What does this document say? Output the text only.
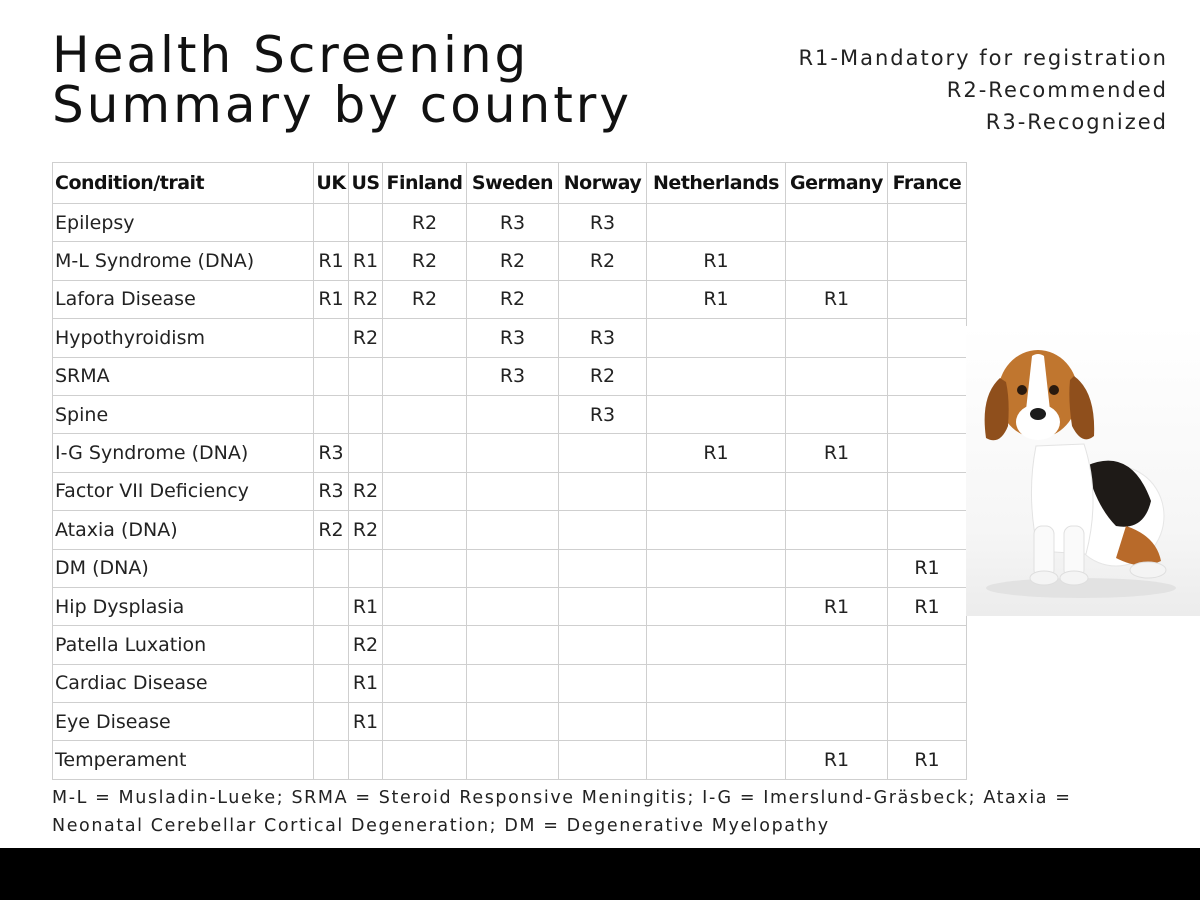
Health Screening
Summary by country
R1-Mandatory for registration
R2-Recommended
R3-Recognized
Condition/trait	UK	US	Finland	Sweden	Norway	Netherlands	Germany	France
Epilepsy			R2	R3	R3			
M-L Syndrome (DNA)	R1	R1	R2	R2	R2	R1		
Lafora Disease	R1	R2	R2	R2		R1	R1	
Hypothyroidism		R2		R3	R3			
SRMA				R3	R2			
Spine					R3			
I-G Syndrome (DNA)	R3					R1	R1	
Factor VII Deficiency	R3	R2						
Ataxia (DNA)	R2	R2						
DM (DNA)								R1
Hip Dysplasia		R1					R1	R1
Patella Luxation		R2						
Cardiac Disease		R1						
Eye Disease		R1						
Temperament							R1	R1
M-L = Musladin-Lueke; SRMA = Steroid Responsive Meningitis; I-G = Imerslund-Gräsbeck; Ataxia = Neonatal Cerebellar Cortical Degeneration; DM = Degenerative Myelopathy
